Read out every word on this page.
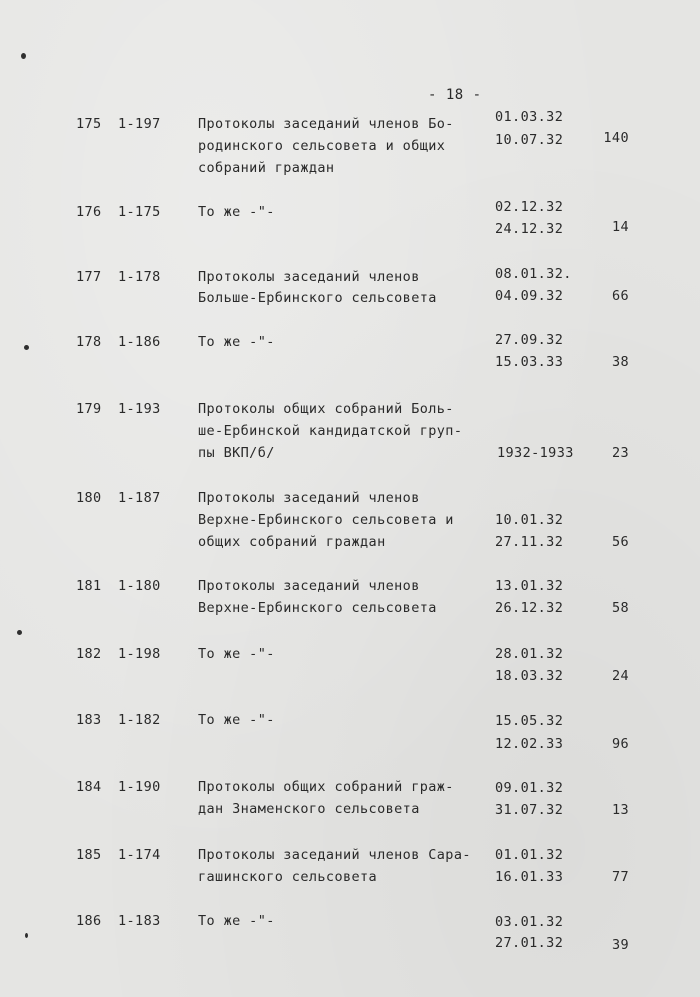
- 18 -
175 1-197	Протоколы заседаний членов Бо-
родинского сельсовета и общих
собраний граждан
01.03.32
10.07.32	140
176 1-175	То же -"-	02.12.32
24.12.32	14
177 1-178	Протоколы заседаний членов
Больше-Ербинского сельсовета
08.01.32.
04.09.32	66
178 1-186	То же -"-	27.09.32
15.03.33	38
179 1-193	Протоколы общих собраний Боль-
ше-Ербинской кандидатской груп-
пы ВКП/б/	1932-1933	23
180 1-187	Протоколы заседаний членов
Верхне-Ербинского сельсовета и
общих собраний граждан
10.01.32
27.11.32	56
181 1-180	Протоколы заседаний членов
Верхне-Ербинского сельсовета
13.01.32
26.12.32	58
182 1-198	То же -"-	28.01.32
18.03.32	24
183 1-182	То же -"-	15.05.32
12.02.33	96
184 1-190	Протоколы общих собраний граж-
дан Знаменского сельсовета
09.01.32
31.07.32	13
185 1-174	Протоколы заседаний членов Сара-
гашинского сельсовета
01.01.32
16.01.33	77
186 1-183	То же -"-	03.01.32
27.01.32	39
